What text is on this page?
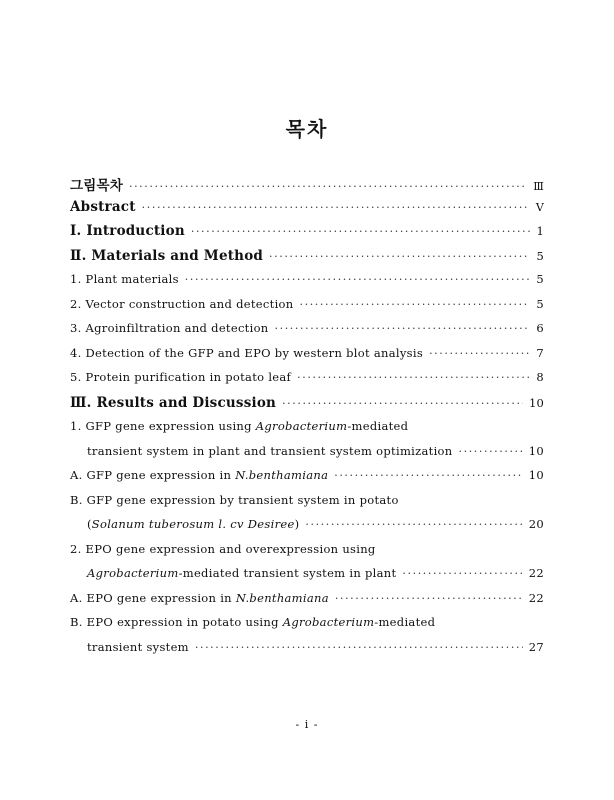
목차
그림목차 ·····	Ⅲ
Abstract ·····	Ⅴ
Ⅰ. Introduction ·····	1
Ⅱ. Materials and Method ·····	5
1. Plant materials ·····	5
2. Vector construction and detection ·····	5
3. Agroinfiltration and detection ·····	6
4. Detection of the GFP and EPO by western blot analysis ·····	7
5. Protein purification in potato leaf ·····	8
Ⅲ. Results and Discussion ·····	10
1. GFP gene expression using Agrobacterium-mediated
transient system in plant and transient system optimization ·····	10
A. GFP gene expression in N.benthamiana ·····	10
B. GFP gene expression by transient system in potato
(Solanum tuberosum l. cv Desiree) ·····	20
2. EPO gene expression and overexpression using
Agrobacterium-mediated transient system in plant ·····	22
A. EPO gene expression in N.benthamiana ·····	22
B. EPO expression in potato using Agrobacterium-mediated
transient system ·····	27
- ⅰ -
